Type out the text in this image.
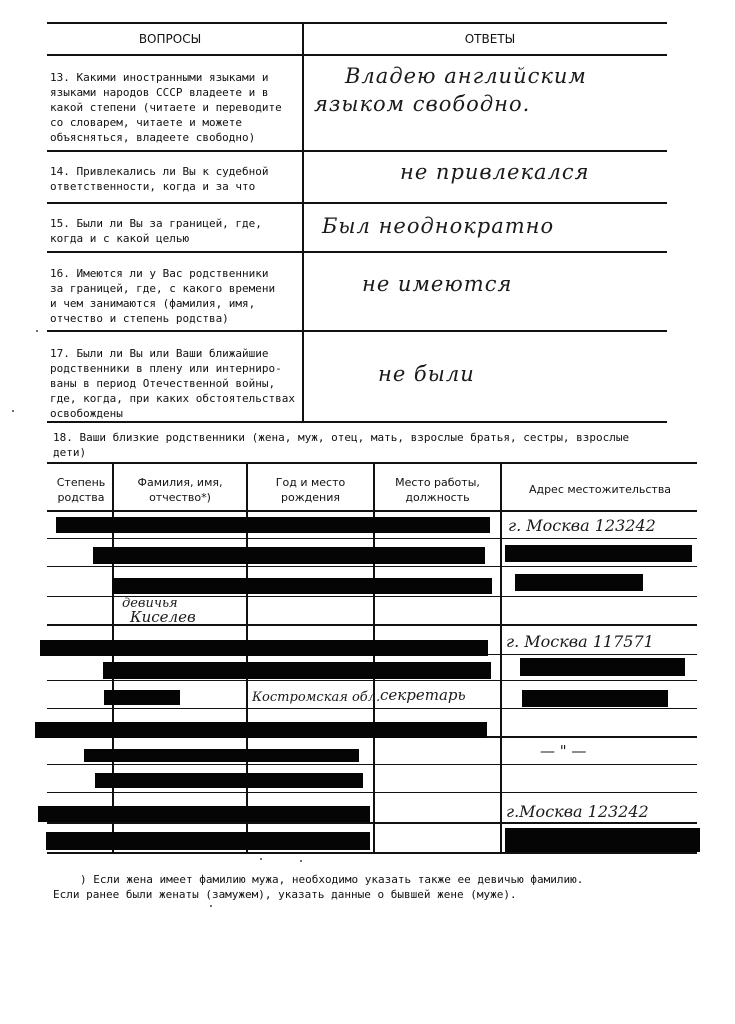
ВОПРОСЫ	ОТВЕТЫ
13. Какими иностранными языками и
языками народов СССР владеете и в
какой степени (читаете и переводите
со словарем, читаете и можете
объясняться, владеете свободно)
Владею английским
языком свободно.
14. Привлекались ли Вы к судебной
ответственности, когда и за что
не привлекался
15. Были ли Вы за границей, где,
когда и с какой целью
Был неоднократно
16. Имеются ли у Вас родственники
за границей, где, с какого времени
и чем занимаются (фамилия, имя,
отчество и степень родства)
не имеются
17. Были ли Вы или Ваши ближайшие
родственники в плену или интерниро-
ваны в период Отечественной войны,
где, когда, при каких обстоятельствах
освобождены
не были
18. Ваши близкие родственники (жена, муж, отец, мать, взрослые братья, сестры, взрослые
дети)
Степень
родства
Фамилия, имя,
отчество*)
Год и место
рождения
Место работы,
должность
Адрес местожительства
девичья
Киселев
г. Москва 123242
г. Москва 117571
Костромская обл. секретарь
— " —
г.Москва 123242
) Если жена имеет фамилию мужа, необходимо указать также ее девичью фамилию.
Если ранее были женаты (замужем), указать данные о бывшей жене (муже).
